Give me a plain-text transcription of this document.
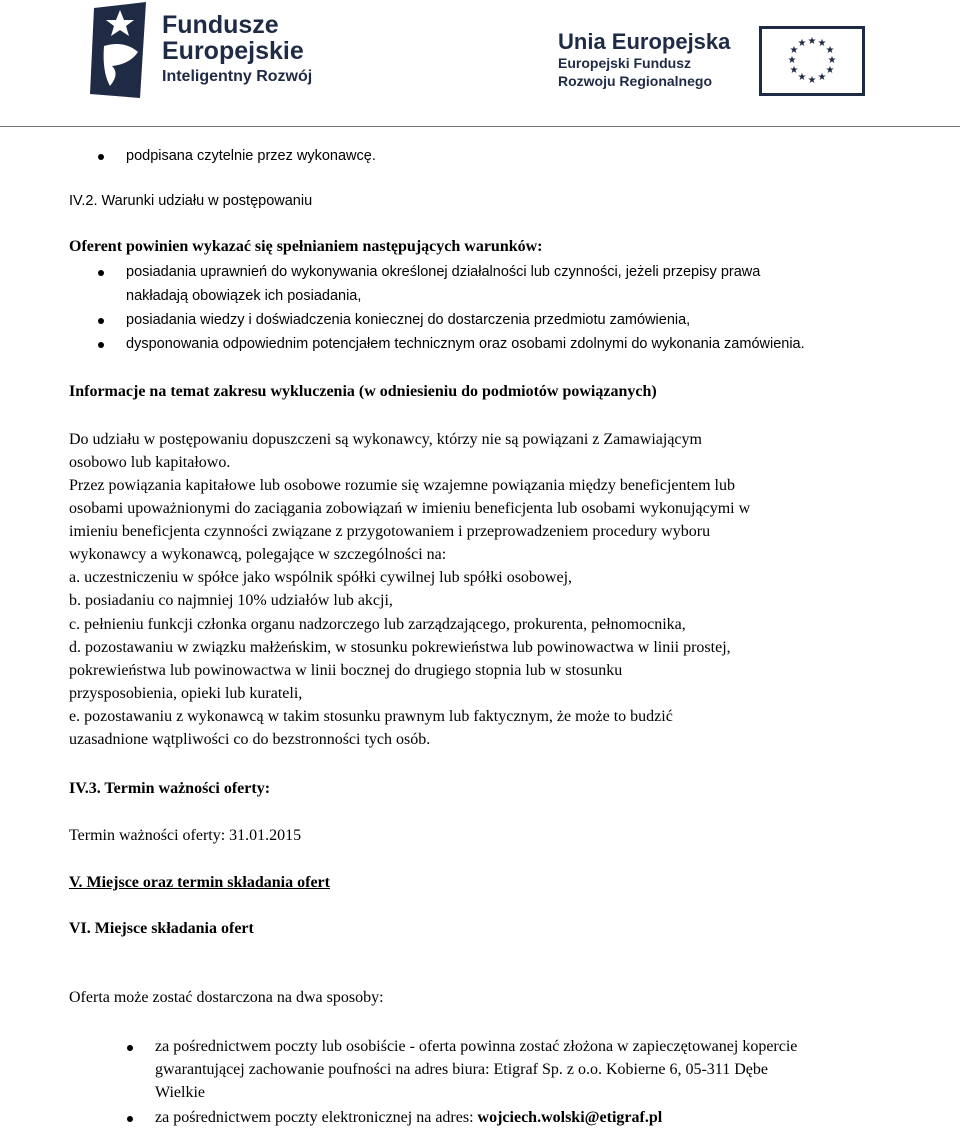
Fundusze
Europejskie
Inteligentny Rozwój
Unia Europejska
Europejski Fundusz
Rozwoju Regionalnego
★ ★
★
★
★
★
★
★
★
★
★
★
podpisana czytelnie przez wykonawcę.
IV.2. Warunki udziału w postępowaniu
Oferent powinien wykazać się spełnianiem następujących warunków:
posiadania uprawnień do wykonywania określonej działalności lub czynności, jeżeli przepisy prawa
nakładają obowiązek ich posiadania,
posiadania wiedzy i doświadczenia koniecznej do dostarczenia przedmiotu zamówienia,
dysponowania odpowiednim potencjałem technicznym oraz osobami zdolnymi do wykonania zamówienia.
Informacje na temat zakresu wykluczenia (w odniesieniu do podmiotów powiązanych)
Do udziału w postępowaniu dopuszczeni są wykonawcy, którzy nie są powiązani z Zamawiającym
osobowo lub kapitałowo.
Przez powiązania kapitałowe lub osobowe rozumie się wzajemne powiązania między beneficjentem lub
osobami upoważnionymi do zaciągania zobowiązań w imieniu beneficjenta lub osobami wykonującymi w
imieniu beneficjenta czynności związane z przygotowaniem i przeprowadzeniem procedury wyboru
wykonawcy a wykonawcą, polegające w szczególności na:
a. uczestniczeniu w spółce jako wspólnik spółki cywilnej lub spółki osobowej,
b. posiadaniu co najmniej 10% udziałów lub akcji,
c. pełnieniu funkcji członka organu nadzorczego lub zarządzającego, prokurenta, pełnomocnika,
d. pozostawaniu w związku małżeńskim, w stosunku pokrewieństwa lub powinowactwa w linii prostej,
pokrewieństwa lub powinowactwa w linii bocznej do drugiego stopnia lub w stosunku
przysposobienia, opieki lub kurateli,
e. pozostawaniu z wykonawcą w takim stosunku prawnym lub faktycznym, że może to budzić
uzasadnione wątpliwości co do bezstronności tych osób.
IV.3. Termin ważności oferty:
Termin ważności oferty: 31.01.2015
V. Miejsce oraz termin składania ofert
VI. Miejsce składania ofert
Oferta może zostać dostarczona na dwa sposoby:
za pośrednictwem poczty lub osobiście - oferta powinna zostać złożona w zapieczętowanej kopercie
gwarantującej zachowanie poufności na adres biura: Etigraf Sp. z o.o. Kobierne 6, 05-311 Dębe
Wielkie
za pośrednictwem poczty elektronicznej na adres: wojciech.wolski@etigraf.pl
